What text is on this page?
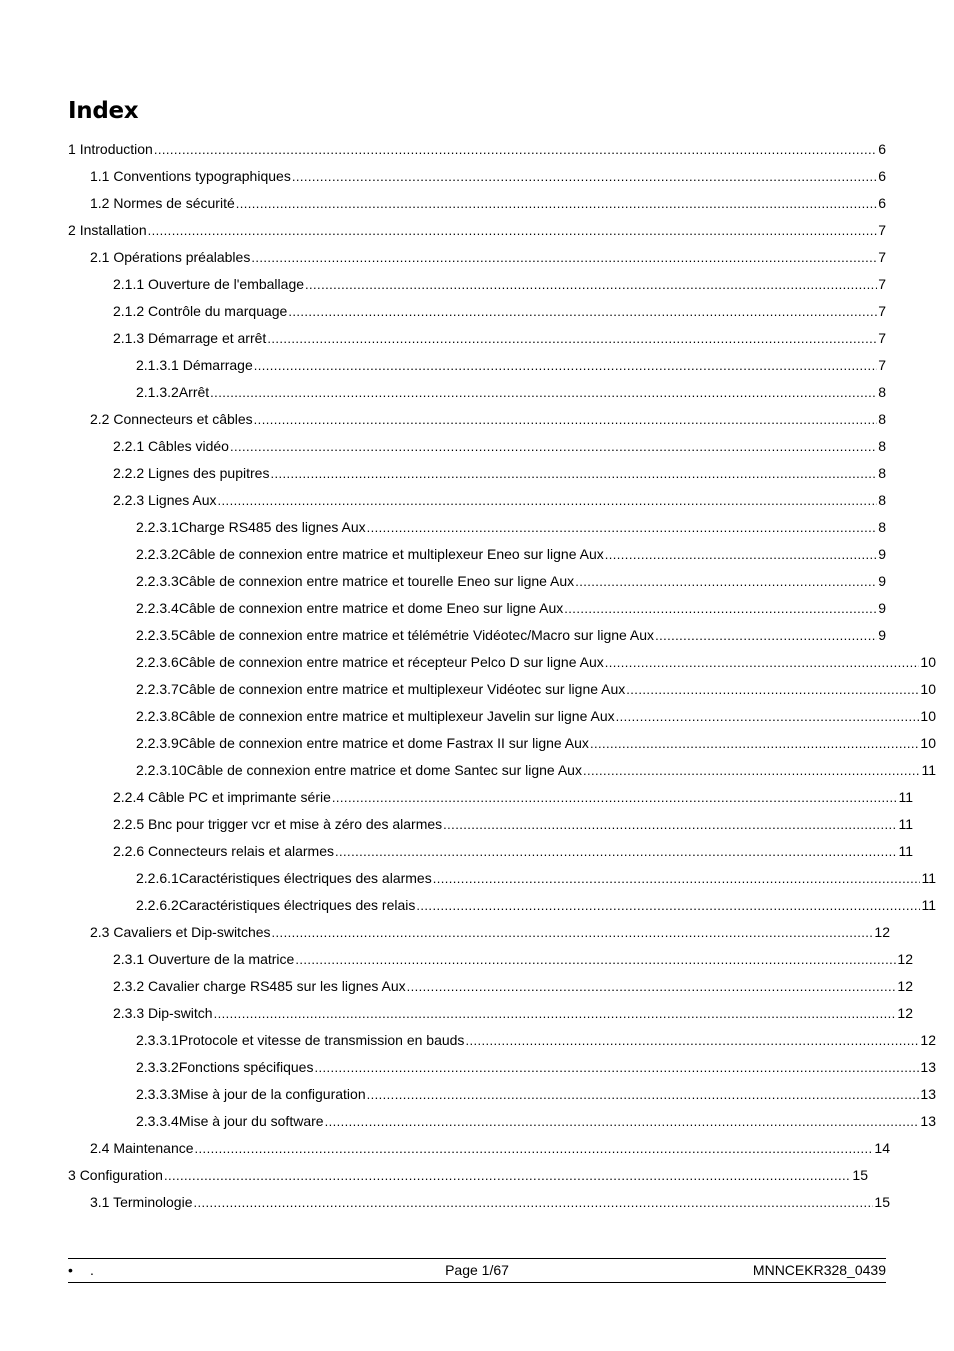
Index
1 Introduction .....	6
1.1 Conventions typographiques .....	6
1.2 Normes de sécurité .....	6
2 Installation .....	7
2.1 Opérations préalables .....	7
2.1.1 Ouverture de l'emballage .....	7
2.1.2 Contrôle du marquage .....	7
2.1.3 Démarrage et arrêt .....	7
2.1.3.1 Démarrage .....	7
2.1.3.2Arrêt .....	8
2.2 Connecteurs et câbles .....	8
2.2.1 Câbles vidéo .....	8
2.2.2 Lignes des pupitres .....	8
2.2.3 Lignes Aux .....	8
2.2.3.1Charge RS485 des lignes Aux .....	8
2.2.3.2Câble de connexion entre matrice et multiplexeur Eneo sur ligne Aux .....	9
2.2.3.3Câble de connexion entre matrice et tourelle Eneo sur ligne Aux .....	9
2.2.3.4Câble de connexion entre matrice et dome Eneo sur ligne Aux .....	9
2.2.3.5Câble de connexion entre matrice et télémétrie Vidéotec/Macro sur ligne Aux .....	9
2.2.3.6Câble de connexion entre matrice et récepteur Pelco D sur ligne Aux .....	10
2.2.3.7Câble de connexion entre matrice et multiplexeur Vidéotec sur ligne Aux .....	10
2.2.3.8Câble de connexion entre matrice et multiplexeur Javelin sur ligne Aux .....	10
2.2.3.9Câble de connexion entre matrice et dome Fastrax II sur ligne Aux .....	10
2.2.3.10Câble de connexion entre matrice et dome Santec sur ligne Aux .....	11
2.2.4 Câble PC et imprimante série .....	11
2.2.5 Bnc pour trigger vcr et mise à zéro des alarmes .....	11
2.2.6 Connecteurs relais et alarmes .....	11
2.2.6.1Caractéristiques électriques des alarmes .....	11
2.2.6.2Caractéristiques électriques des relais .....	11
2.3 Cavaliers et Dip-switches .....	12
2.3.1 Ouverture de la matrice .....	12
2.3.2 Cavalier charge RS485 sur les lignes Aux .....	12
2.3.3 Dip-switch .....	12
2.3.3.1Protocole et vitesse de transmission en bauds .....	12
2.3.3.2Fonctions spécifiques .....	13
2.3.3.3Mise à jour de la configuration .....	13
2.3.3.4Mise à jour du software .....	13
2.4 Maintenance .....	14
3 Configuration .....	15
3.1 Terminologie .....	15
• .	Page 1/67	MNNCEKR328_0439
